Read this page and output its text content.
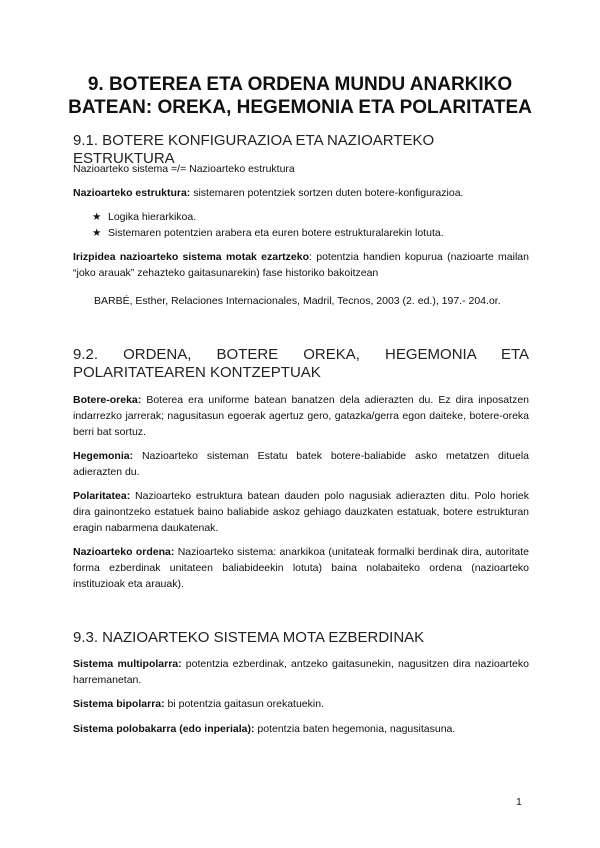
9. BOTEREA ETA ORDENA MUNDU ANARKIKO
BATEAN: OREKA, HEGEMONIA ETA POLARITATEA
9.1. BOTERE KONFIGURAZIOA ETA NAZIOARTEKO ESTRUKTURA
Nazioarteko sistema =/= Nazioarteko estruktura
Nazioarteko estruktura: sistemaren potentziek sortzen duten botere-konfigurazioa.
★ Logika hierarkikoa.
★ Sistemaren potentzien arabera eta euren botere estrukturalarekin lotuta.
Irizpidea nazioarteko sistema motak ezartzeko: potentzia handien kopurua (nazioarte mailan “joko arauak” zehazteko gaitasunarekin) fase historiko bakoitzean
BARBÉ, Esther, Relaciones Internacionales, Madril, Tecnos, 2003 (2. ed.), 197.- 204.or.
9.2. ORDENA, BOTERE OREKA, HEGEMONIA ETA POLARITATEAREN KONTZEPTUAK
Botere-oreka: Boterea era uniforme batean banatzen dela adierazten du. Ez dira inposatzen indarrezko jarrerak; nagusitasun egoerak agertuz gero, gatazka/gerra egon daiteke, botere-oreka berri bat sortuz.
Hegemonia: Nazioarteko sisteman Estatu batek botere-baliabide asko metatzen dituela adierazten du.
Polaritatea: Nazioarteko estruktura batean dauden polo nagusiak adierazten ditu. Polo horiek dira gainontzeko estatuek baino baliabide askoz gehiago dauzkaten estatuak, botere estrukturan eragin nabarmena daukatenak.
Nazioarteko ordena: Nazioarteko sistema: anarkikoa (unitateak formalki berdinak dira, autoritate forma ezberdinak unitateen baliabideekin lotuta) baina nolabaiteko ordena (nazioarteko instituzioak eta arauak).
9.3. NAZIOARTEKO SISTEMA MOTA EZBERDINAK
Sistema multipolarra: potentzia ezberdinak, antzeko gaitasunekin, nagusitzen dira nazioarteko harremanetan.
Sistema bipolarra: bi potentzia gaitasun orekatuekin.
Sistema polobakarra (edo inperiala): potentzia baten hegemonia, nagusitasuna.
1
